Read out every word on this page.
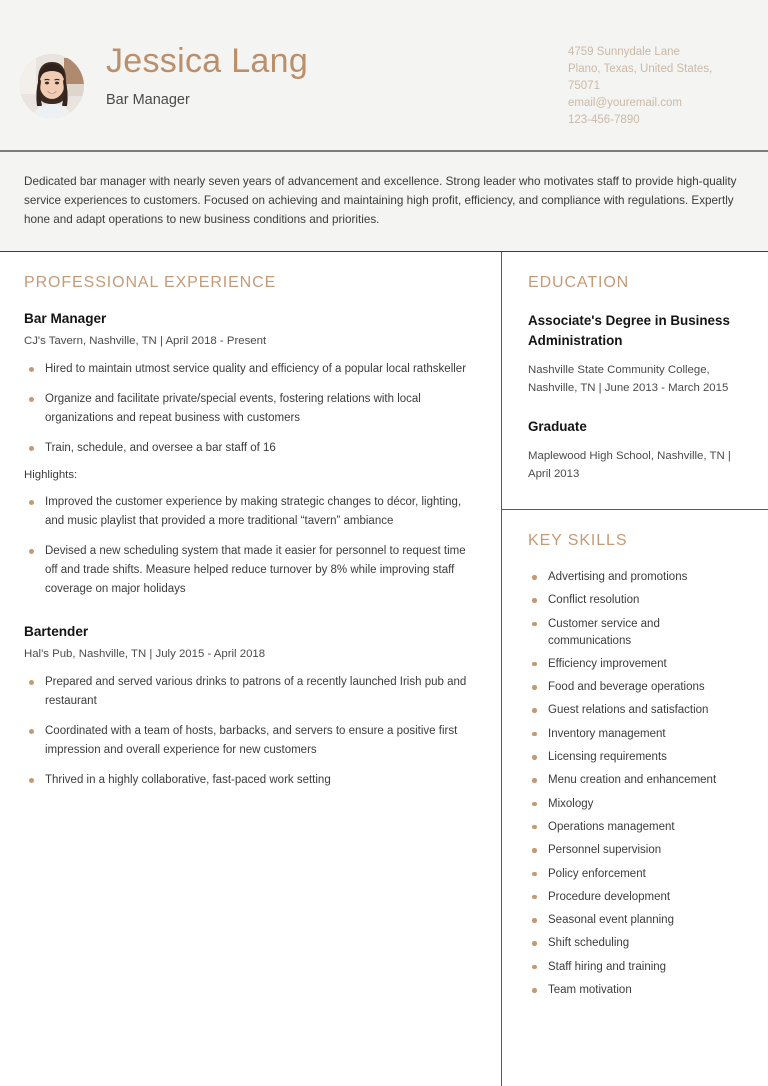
Jessica Lang
Bar Manager
4759 Sunnydale Lane
Plano, Texas, United States,
75071
email@youremail.com
123-456-7890

Dedicated bar manager with nearly seven years of advancement and excellence. Strong leader who motivates staff to provide high-quality service experiences to customers. Focused on achieving and maintaining high profit, efficiency, and compliance with regulations. Expertly hone and adapt operations to new business conditions and priorities.

PROFESSIONAL EXPERIENCE
Bar Manager
CJ's Tavern, Nashville, TN | April 2018 - Present
Hired to maintain utmost service quality and efficiency of a popular local rathskeller
Organize and facilitate private/special events, fostering relations with local organizations and repeat business with customers
Train, schedule, and oversee a bar staff of 16
Highlights:
Improved the customer experience by making strategic changes to décor, lighting, and music playlist that provided a more traditional “tavern” ambiance
Devised a new scheduling system that made it easier for personnel to request time off and trade shifts. Measure helped reduce turnover by 8% while improving staff coverage on major holidays
Bartender
Hal's Pub, Nashville, TN | July 2015 - April 2018
Prepared and served various drinks to patrons of a recently launched Irish pub and restaurant
Coordinated with a team of hosts, barbacks, and servers to ensure a positive first impression and overall experience for new customers
Thrived in a highly collaborative, fast-paced work setting
EDUCATION
Associate's Degree in Business Administration
Nashville State Community College, Nashville, TN | June 2013 - March 2015
Graduate
Maplewood High School, Nashville, TN | April 2013
KEY SKILLS
Advertising and promotions
Conflict resolution
Customer service and communications
Efficiency improvement
Food and beverage operations
Guest relations and satisfaction
Inventory management
Licensing requirements
Menu creation and enhancement
Mixology
Operations management
Personnel supervision
Policy enforcement
Procedure development
Seasonal event planning
Shift scheduling
Staff hiring and training
Team motivation
